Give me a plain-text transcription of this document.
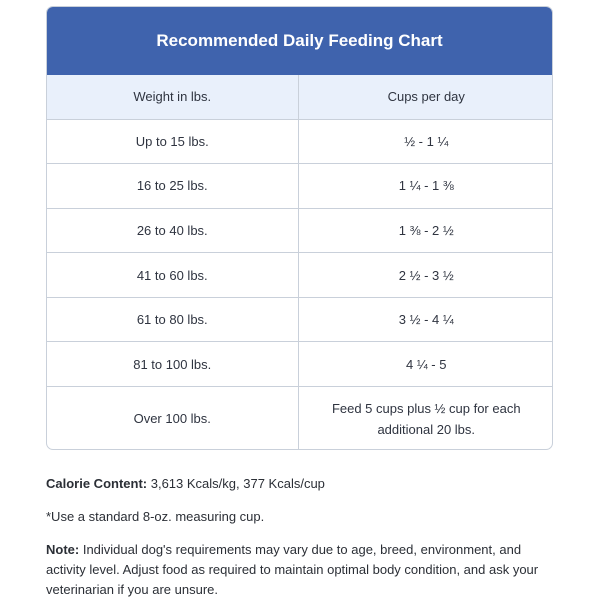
Recommended Daily Feeding Chart
Weight in lbs.	Cups per day
Up to 15 lbs.	½ - 1 ¼
16 to 25 lbs.	1 ¼ - 1 ⅜
26 to 40 lbs.	1 ⅜ - 2 ½
41 to 60 lbs.	2 ½ - 3 ½
61 to 80 lbs.	3 ½ - 4 ¼
81 to 100 lbs.	4 ¼ - 5
Over 100 lbs.	Feed 5 cups plus ½ cup for each additional 20 lbs.

Calorie Content: 3,613 Kcals/kg, 377 Kcals/cup

*Use a standard 8-oz. measuring cup.

Note: Individual dog's requirements may vary due to age, breed, environment, and activity level. Adjust food as required to maintain optimal body condition, and ask your veterinarian if you are unsure.
